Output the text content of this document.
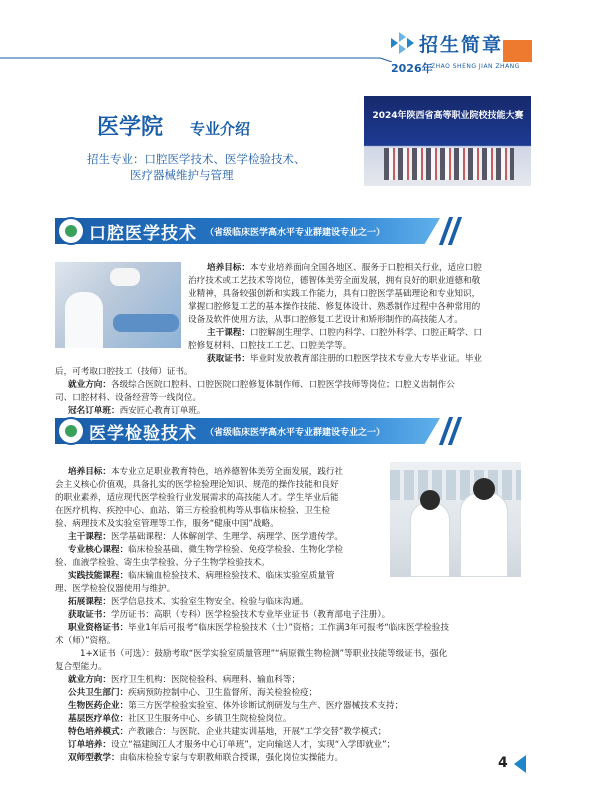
招生简章
2026年
ZHAO SHENG JIAN ZHANG
医学院 专业介绍
招生专业：口腔医学技术、医学检验技术、
医疗器械维护与管理
2024年陕西省高等职业院校技能大赛
口腔医学技术 （省级临床医学高水平专业群建设专业之一）
培养目标：本专业培养面向全国各地区、服务于口腔相关行业，适应口腔
治疗技术或工艺技术等岗位，德智体美劳全面发展，拥有良好的职业道德和敬
业精神，具备较强创新和实践工作能力，具有口腔医学基础理论和专业知识，
掌握口腔修复工艺的基本操作技能、修复体设计、熟悉制作过程中各种常用的
设备及软件使用方法，从事口腔修复工艺设计和矫形制作的高技能人才。
主干课程：口腔解剖生理学、口腔内科学、口腔外科学、口腔正畸学、口
腔修复材料、口腔技工工艺、口腔美学等。
获取证书：毕业时发放教育部注册的口腔医学技术专业大专毕业证。毕业
后，可考取口腔技工（技师）证书。
就业方向：各级综合医院口腔科、口腔医院口腔修复体制作师、口腔医学技师等岗位；口腔义齿制作公
司、口腔材料、设备经营等一线岗位。
冠名订单班：西安匠心教育订单班。
医学检验技术 （省级临床医学高水平专业群建设专业之一）
培养目标：本专业立足职业教育特色，培养德智体美劳全面发展，践行社
会主义核心价值观，具备扎实的医学检验理论知识、规范的操作技能和良好
的职业素养，适应现代医学检验行业发展需求的高技能人才。学生毕业后能
在医疗机构、疾控中心、血站、第三方检验机构等从事临床检验、卫生检
验、病理技术及实验室管理等工作，服务“健康中国”战略。
主干课程：医学基础课程：人体解剖学、生理学、病理学、医学遗传学。
专业核心课程：临床检验基础、微生物学检验、免疫学检验、生物化学检
验、血液学检验、寄生虫学检验、分子生物学检验技术。
实践技能课程：临床输血检验技术、病理检验技术、临床实验室质量管
理、医学检验仪器使用与维护。
拓展课程：医学信息技术、实验室生物安全、检验与临床沟通。
获取证书：学历证书：高职（专科）医学检验技术专业毕业证书（教育部电子注册）。
职业资格证书：毕业1年后可报考“临床医学检验技术（士）”资格；工作满3年可报考“临床医学检验技
术（师）”资格。
1+X证书（可选）：鼓励考取“医学实验室质量管理”“病原微生物检测”等职业技能等级证书，强化
复合型能力。
就业方向：医疗卫生机构：医院检验科、病理科、输血科等；
公共卫生部门：疾病预防控制中心、卫生监督所、海关检验检疫；
生物医药企业：第三方医学检验实验室、体外诊断试剂研发与生产、医疗器械技术支持；
基层医疗单位：社区卫生服务中心、乡镇卫生院检验岗位。
特色培养模式：产教融合：与医院、企业共建实训基地，开展“工学交替”教学模式；
订单培养：设立“福建闽江人才服务中心订单班”，定向输送人才，实现“入学即就业”；
双师型教学：由临床检验专家与专职教师联合授课，强化岗位实操能力。	4
